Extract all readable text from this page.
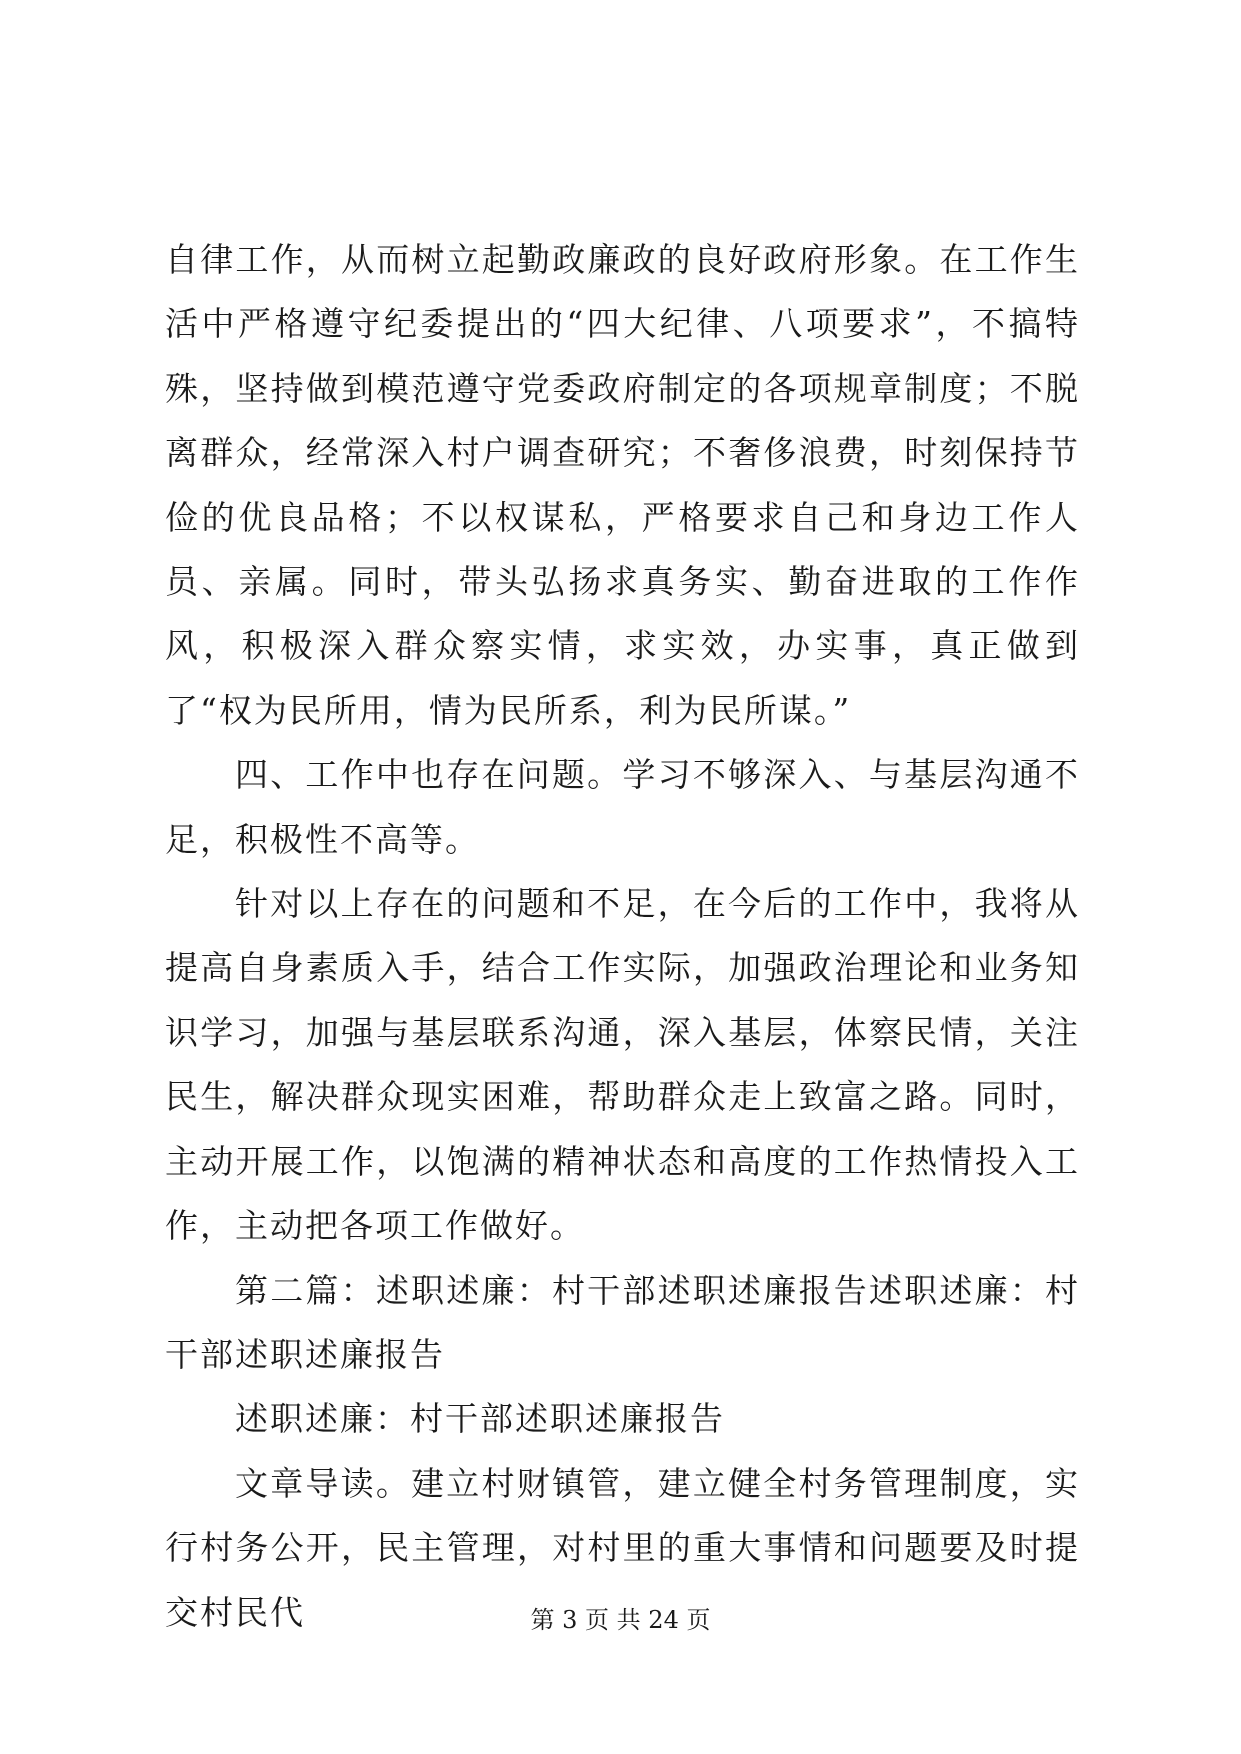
自律工作，从而树立起勤政廉政的良好政府形象。在工作生活中严格遵守纪委提出的“四大纪律、八项要求”，不搞特殊，坚持做到模范遵守党委政府制定的各项规章制度；不脱离群众，经常深入村户调查研究；不奢侈浪费，时刻保持节俭的优良品格；不以权谋私，严格要求自己和身边工作人员、亲属。同时，带头弘扬求真务实、勤奋进取的工作作风，积极深入群众察实情，求实效，办实事，真正做到了“权为民所用，情为民所系，利为民所谋。”

四、工作中也存在问题。学习不够深入、与基层沟通不足，积极性不高等。

针对以上存在的问题和不足，在今后的工作中，我将从提高自身素质入手，结合工作实际，加强政治理论和业务知识学习，加强与基层联系沟通，深入基层，体察民情，关注民生，解决群众现实困难，帮助群众走上致富之路。同时，主动开展工作，以饱满的精神状态和高度的工作热情投入工作，主动把各项工作做好。

第二篇：述职述廉：村干部述职述廉报告述职述廉：村干部述职述廉报告

述职述廉：村干部述职述廉报告

文章导读。建立村财镇管，建立健全村务管理制度，实行村务公开，民主管理，对村里的重大事情和问题要及时提交村民代	第 3 页 共 24 页
